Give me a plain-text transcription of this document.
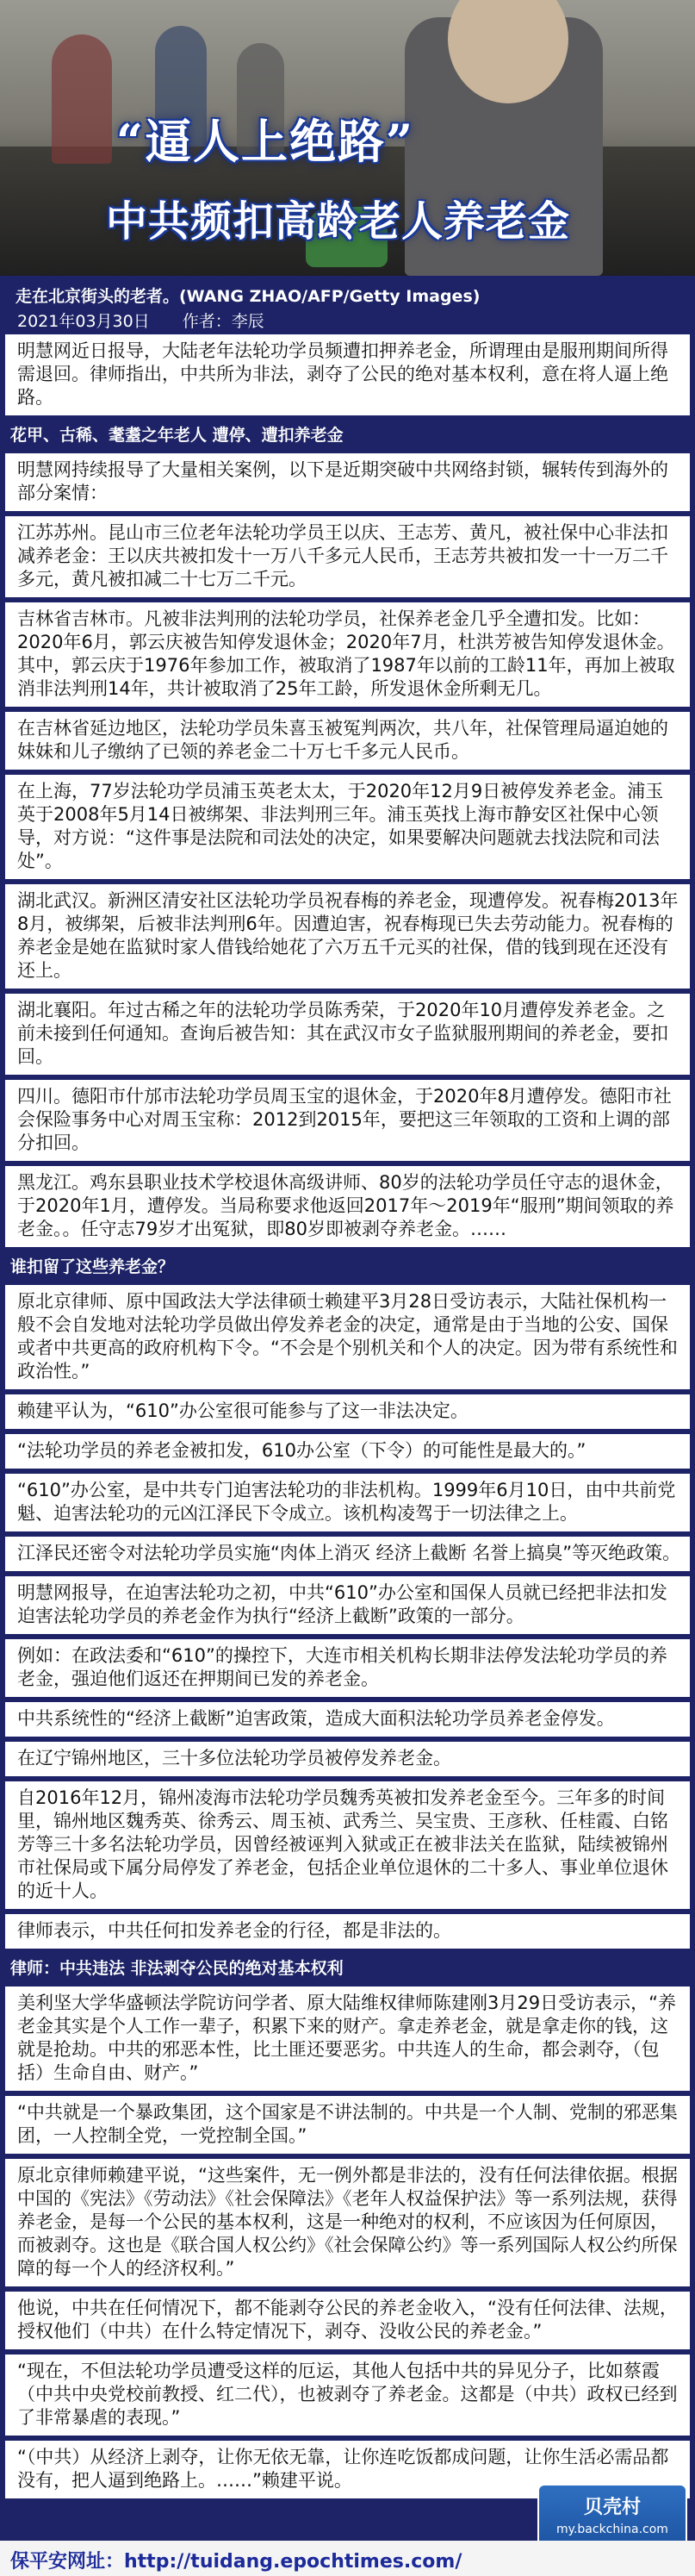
“逼人上绝路”
中共频扣高龄老人养老金
走在北京街头的老者。(WANG ZHAO/AFP/Getty Images)
2021年03月30日　　作者：李辰
明慧网近日报导，大陆老年法轮功学员频遭扣押养老金，所谓理由是服刑期间所得需退回。律师指出，中共所为非法，剥夺了公民的绝对基本权利，意在将人逼上绝路。
花甲、古稀、耄耋之年老人 遭停、遭扣养老金
明慧网持续报导了大量相关案例，以下是近期突破中共网络封锁，辗转传到海外的部分案情：
江苏苏州。昆山市三位老年法轮功学员王以庆、王志芳、黄凡，被社保中心非法扣减养老金：王以庆共被扣发十一万八千多元人民币，王志芳共被扣发一十一万二千多元，黄凡被扣减二十七万二千元。
吉林省吉林市。凡被非法判刑的法轮功学员，社保养老金几乎全遭扣发。比如：2020年6月，郭云庆被告知停发退休金；2020年7月，杜洪芳被告知停发退休金。其中，郭云庆于1976年参加工作，被取消了1987年以前的工龄11年，再加上被取消非法判刑14年，共计被取消了25年工龄，所发退休金所剩无几。
在吉林省延边地区，法轮功学员朱喜玉被冤判两次，共八年，社保管理局逼迫她的妹妹和儿子缴纳了已领的养老金二十万七千多元人民币。
在上海，77岁法轮功学员浦玉英老太太，于2020年12月9日被停发养老金。浦玉英于2008年5月14日被绑架、非法判刑三年。浦玉英找上海市静安区社保中心领导，对方说：“这件事是法院和司法处的决定，如果要解决问题就去找法院和司法处”。
湖北武汉。新洲区清安社区法轮功学员祝春梅的养老金，现遭停发。祝春梅2013年8月，被绑架，后被非法判刑6年。因遭迫害，祝春梅现已失去劳动能力。祝春梅的养老金是她在监狱时家人借钱给她花了六万五千元买的社保，借的钱到现在还没有还上。
湖北襄阳。年过古稀之年的法轮功学员陈秀荣，于2020年10月遭停发养老金。之前未接到任何通知。查询后被告知：其在武汉市女子监狱服刑期间的养老金，要扣回。
四川。德阳市什邡市法轮功学员周玉宝的退休金，于2020年8月遭停发。德阳市社会保险事务中心对周玉宝称：2012到2015年，要把这三年领取的工资和上调的部分扣回。
黑龙江。鸡东县职业技术学校退休高级讲师、80岁的法轮功学员任守志的退休金，于2020年1月，遭停发。当局称要求他返回2017年～2019年“服刑”期间领取的养老金。。任守志79岁才出冤狱，即80岁即被剥夺养老金。……
谁扣留了这些养老金？
原北京律师、原中国政法大学法律硕士赖建平3月28日受访表示，大陆社保机构一般不会自发地对法轮功学员做出停发养老金的决定，通常是由于当地的公安、国保或者中共更高的政府机构下令。“不会是个别机关和个人的决定。因为带有系统性和政治性。”
赖建平认为，“610”办公室很可能参与了这一非法决定。
“法轮功学员的养老金被扣发，610办公室（下令）的可能性是最大的。”
“610”办公室，是中共专门迫害法轮功的非法机构。1999年6月10日，由中共前党魁、迫害法轮功的元凶江泽民下令成立。该机构凌驾于一切法律之上。
江泽民还密令对法轮功学员实施“肉体上消灭 经济上截断 名誉上搞臭”等灭绝政策。
明慧网报导，在迫害法轮功之初，中共“610”办公室和国保人员就已经把非法扣发迫害法轮功学员的养老金作为执行“经济上截断”政策的一部分。
例如：在政法委和“610”的操控下，大连市相关机构长期非法停发法轮功学员的养老金，强迫他们返还在押期间已发的养老金。
中共系统性的“经济上截断”迫害政策，造成大面积法轮功学员养老金停发。
在辽宁锦州地区，三十多位法轮功学员被停发养老金。
自2016年12月，锦州凌海市法轮功学员魏秀英被扣发养老金至今。三年多的时间里，锦州地区魏秀英、徐秀云、周玉祯、武秀兰、吴宝贵、王彦秋、任桂霞、白铭芳等三十多名法轮功学员，因曾经被诬判入狱或正在被非法关在监狱，陆续被锦州市社保局或下属分局停发了养老金，包括企业单位退休的二十多人、事业单位退休的近十人。
律师表示，中共任何扣发养老金的行径，都是非法的。
律师：中共违法 非法剥夺公民的绝对基本权利
美利坚大学华盛顿法学院访问学者、原大陆维权律师陈建刚3月29日受访表示，“养老金其实是个人工作一辈子，积累下来的财产。拿走养老金，就是拿走你的钱，这就是抢劫。中共的邪恶本性，比土匪还要恶劣。中共连人的生命，都会剥夺，（包括）生命自由、财产。”
“中共就是一个暴政集团，这个国家是不讲法制的。中共是一个人制、党制的邪恶集团，一人控制全党，一党控制全国。”
原北京律师赖建平说，“这些案件，无一例外都是非法的，没有任何法律依据。根据中国的《宪法》《劳动法》《社会保障法》《老年人权益保护法》等一系列法规，获得养老金，是每一个公民的基本权利，这是一种绝对的权利，不应该因为任何原因，而被剥夺。这也是《联合国人权公约》《社会保障公约》等一系列国际人权公约所保障的每一个人的经济权利。”
他说，中共在任何情况下，都不能剥夺公民的养老金收入，“没有任何法律、法规，授权他们（中共）在什么特定情况下，剥夺、没收公民的养老金。”
“现在，不但法轮功学员遭受这样的厄运，其他人包括中共的异见分子，比如蔡霞（中共中央党校前教授、红二代），也被剥夺了养老金。这都是（中共）政权已经到了非常暴虐的表现。”
“（中共）从经济上剥夺，让你无依无靠，让你连吃饭都成问题，让你生活必需品都没有，把人逼到绝路上。……”赖建平说。
贝壳村
my.backchina.com
保平安网址：http://tuidang.epochtimes.com/
